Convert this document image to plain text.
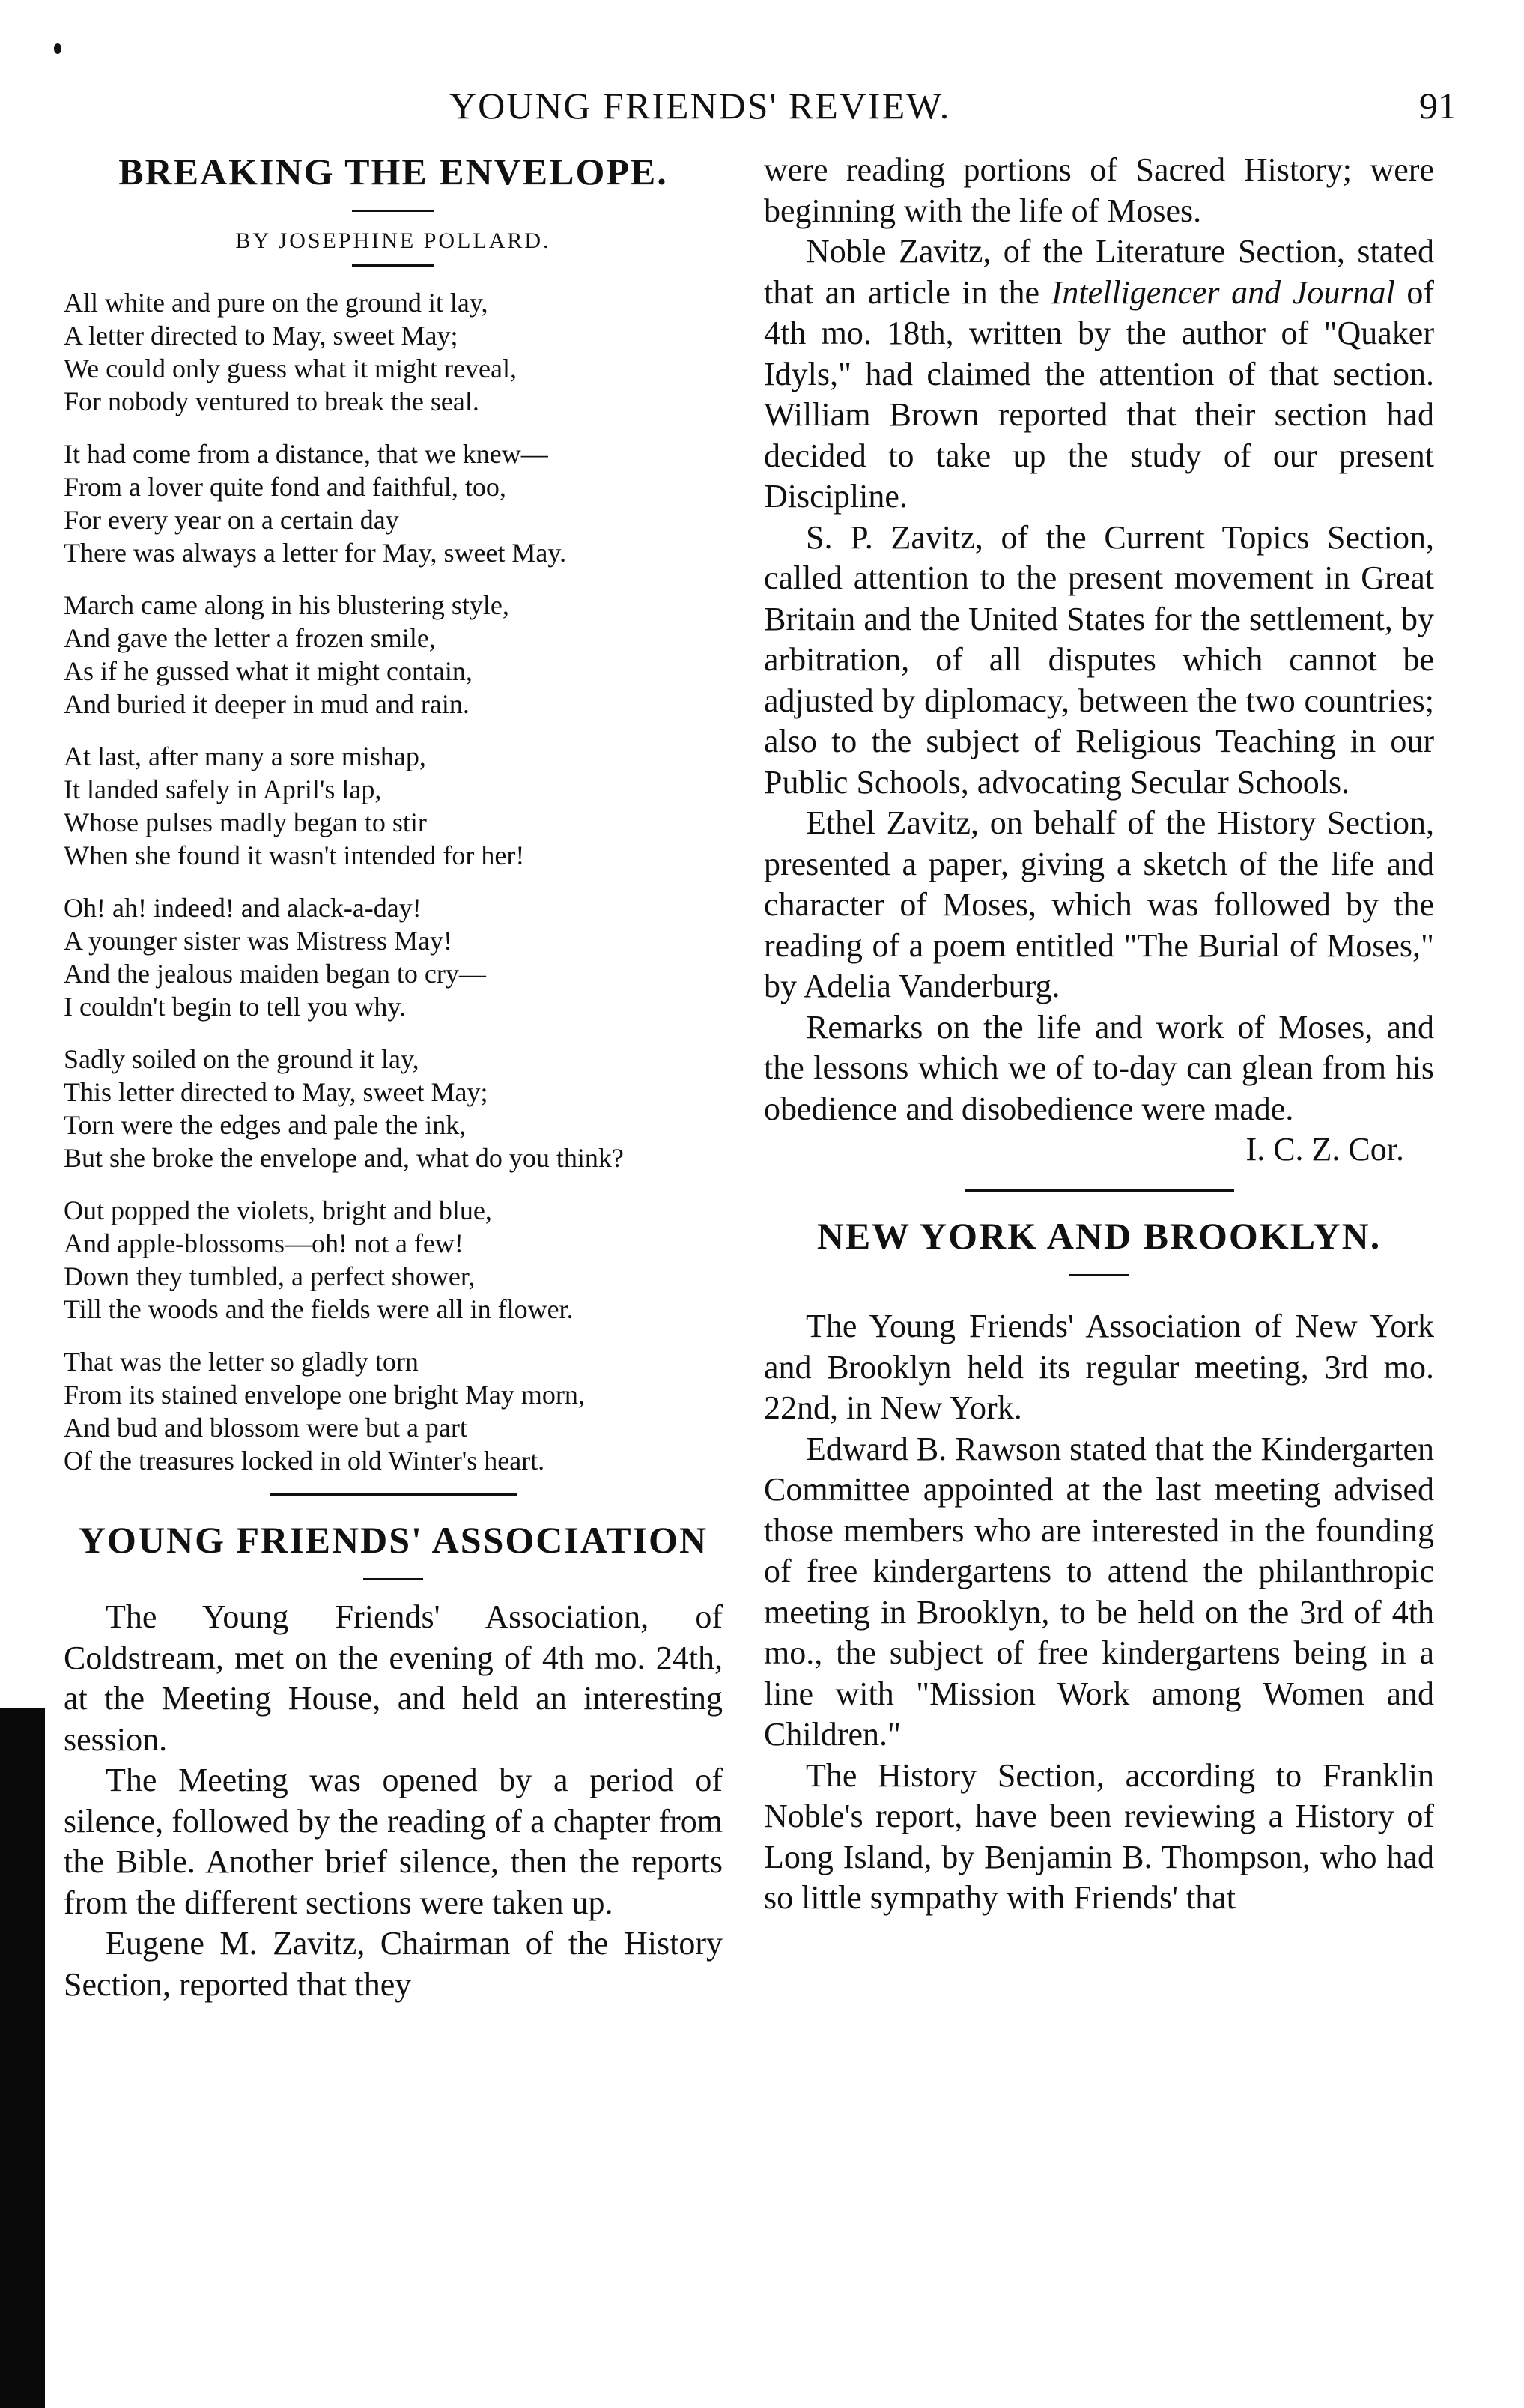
YOUNG FRIENDS' REVIEW.	91
BREAKING THE ENVELOPE.
BY JOSEPHINE POLLARD.

All white and pure on the ground it lay,

A letter directed to May, sweet May;

We could only guess what it might reveal,

For nobody ventured to break the seal.

It had come from a distance, that we knew—

From a lover quite fond and faithful, too,

For every year on a certain day

There was always a letter for May, sweet May.

March came along in his blustering style,

And gave the letter a frozen smile,

As if he gussed what it might contain,

And buried it deeper in mud and rain.

At last, after many a sore mishap,

It landed safely in April's lap,

Whose pulses madly began to stir

When she found it wasn't intended for her!

Oh! ah! indeed! and alack-a-day!

A younger sister was Mistress May!

And the jealous maiden began to cry—

I couldn't begin to tell you why.

Sadly soiled on the ground it lay,

This letter directed to May, sweet May;

Torn were the edges and pale the ink,

But she broke the envelope and, what do you think?

Out popped the violets, bright and blue,

And apple-blossoms—oh! not a few!

Down they tumbled, a perfect shower,

Till the woods and the fields were all in flower.

That was the letter so gladly torn

From its stained envelope one bright May morn,

And bud and blossom were but a part

Of the treasures locked in old Winter's heart.

YOUNG FRIENDS' ASSOCIATION

The Young Friends' Association, of Coldstream, met on the evening of 4th mo. 24th, at the Meeting House, and held an interesting session.

The Meeting was opened by a period of silence, followed by the reading of a chapter from the Bible. Another brief silence, then the reports from the different sections were taken up.

Eugene M. Zavitz, Chairman of the History Section, reported that they

were reading portions of Sacred History; were beginning with the life of Moses.

Noble Zavitz, of the Literature Section, stated that an article in the Intelligencer and Journal of 4th mo. 18th, written by the author of "Quaker Idyls," had claimed the attention of that section. William Brown reported that their section had decided to take up the study of our present Discipline.

S. P. Zavitz, of the Current Topics Section, called attention to the present movement in Great Britain and the United States for the settlement, by arbitration, of all disputes which cannot be adjusted by diplomacy, between the two countries; also to the subject of Religious Teaching in our Public Schools, advocating Secular Schools.

Ethel Zavitz, on behalf of the History Section, presented a paper, giving a sketch of the life and character of Moses, which was followed by the reading of a poem entitled "The Burial of Moses," by Adelia Vanderburg.

Remarks on the life and work of Moses, and the lessons which we of to-day can glean from his obedience and disobedience were made.

I. C. Z. Cor.

NEW YORK AND BROOKLYN.

The Young Friends' Association of New York and Brooklyn held its regular meeting, 3rd mo. 22nd, in New York.

Edward B. Rawson stated that the Kindergarten Committee appointed at the last meeting advised those members who are interested in the founding of free kindergartens to attend the philanthropic meeting in Brooklyn, to be held on the 3rd of 4th mo., the subject of free kindergartens being in a line with "Mission Work among Women and Children."

The History Section, according to Franklin Noble's report, have been reviewing a History of Long Island, by Benjamin B. Thompson, who had so little sympathy with Friends' that
